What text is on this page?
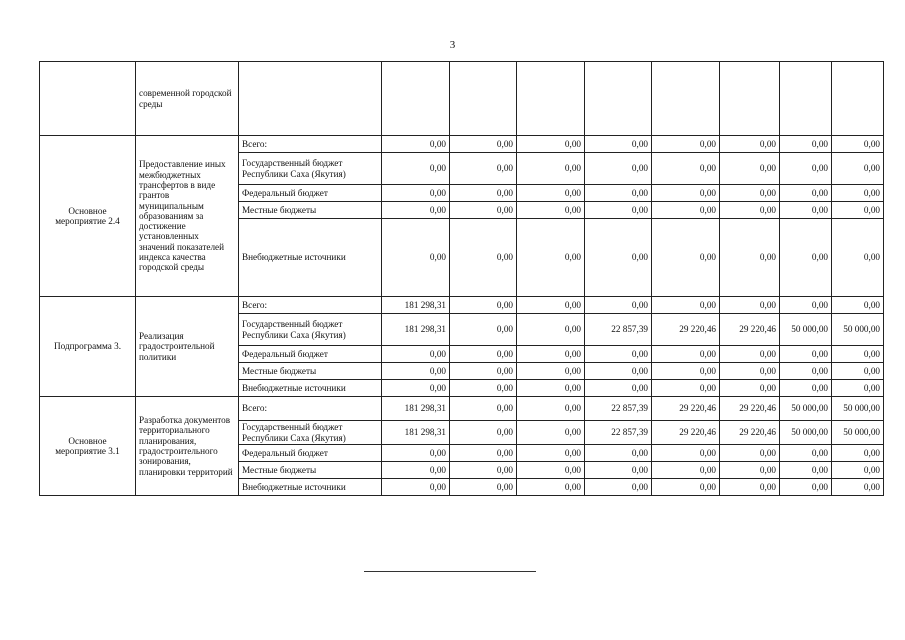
3
	современной городской среды									
Основное мероприятие 2.4	Предоставление иных межбюджетных трансфертов в виде грантов муниципальным образованиям за достижение установленных значений показателей индекса качества городской среды	Всего:	0,00	0,00	0,00	0,00	0,00	0,00	0,00	0,00
		Государственный бюджет Республики Саха (Якутия)	0,00	0,00	0,00	0,00	0,00	0,00	0,00	0,00
		Федеральный бюджет	0,00	0,00	0,00	0,00	0,00	0,00	0,00	0,00
		Местные бюджеты	0,00	0,00	0,00	0,00	0,00	0,00	0,00	0,00
		Внебюджетные источники	0,00	0,00	0,00	0,00	0,00	0,00	0,00	0,00
Подпрограмма 3.	Реализация градостроительной политики	Всего:	181 298,31	0,00	0,00	0,00	0,00	0,00	0,00	0,00
		Государственный бюджет Республики Саха (Якутия)	181 298,31	0,00	0,00	22 857,39	29 220,46	29 220,46	50 000,00	50 000,00
		Федеральный бюджет	0,00	0,00	0,00	0,00	0,00	0,00	0,00	0,00
		Местные бюджеты	0,00	0,00	0,00	0,00	0,00	0,00	0,00	0,00
		Внебюджетные источники	0,00	0,00	0,00	0,00	0,00	0,00	0,00	0,00
Основное мероприятие 3.1	Разработка документов территориального планирования, градостроительного зонирования, планировки территорий	Всего:	181 298,31	0,00	0,00	22 857,39	29 220,46	29 220,46	50 000,00	50 000,00
		Государственный бюджет Республики Саха (Якутия)	181 298,31	0,00	0,00	22 857,39	29 220,46	29 220,46	50 000,00	50 000,00
		Федеральный бюджет	0,00	0,00	0,00	0,00	0,00	0,00	0,00	0,00
		Местные бюджеты	0,00	0,00	0,00	0,00	0,00	0,00	0,00	0,00
		Внебюджетные источники	0,00	0,00	0,00	0,00	0,00	0,00	0,00	0,00
